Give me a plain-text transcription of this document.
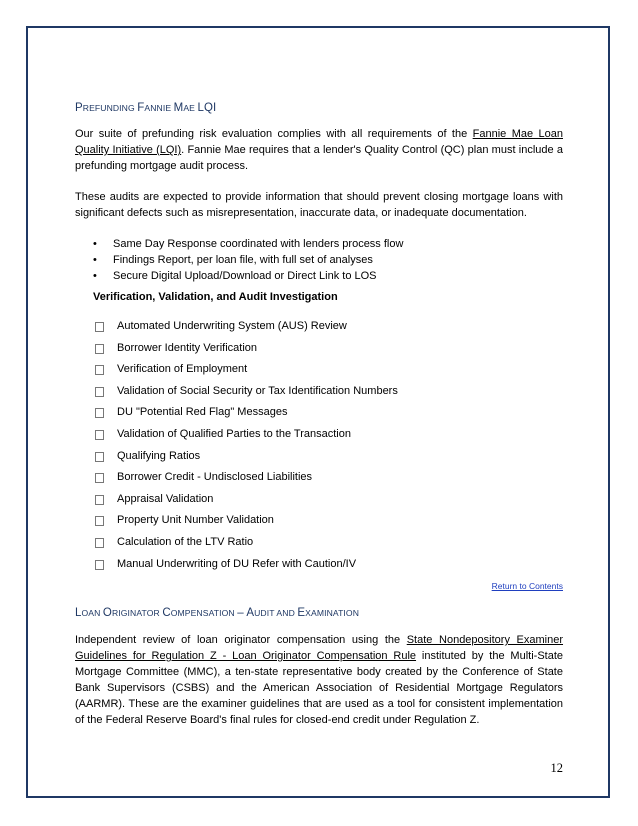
PREFUNDING FANNIE MAE LQI

Our suite of prefunding risk evaluation complies with all requirements of the Fannie Mae Loan Quality Initiative (LQI). Fannie Mae requires that a lender's Quality Control (QC) plan must include a prefunding mortgage audit process.

These audits are expected to provide information that should prevent closing mortgage loans with significant defects such as misrepresentation, inaccurate data, or inadequate documentation.

• Same Day Response coordinated with lenders process flow
• Findings Report, per loan file, with full set of analyses
• Secure Digital Upload/Download or Direct Link to LOS
Verification, Validation, and Audit Investigation
Automated Underwriting System (AUS) Review
Borrower Identity Verification
Verification of Employment
Validation of Social Security or Tax Identification Numbers
DU "Potential Red Flag" Messages
Validation of Qualified Parties to the Transaction
Qualifying Ratios
Borrower Credit - Undisclosed Liabilities
Appraisal Validation
Property Unit Number Validation
Calculation of the LTV Ratio
Manual Underwriting of DU Refer with Caution/IV
Return to Contents
LOAN ORIGINATOR COMPENSATION – AUDIT AND EXAMINATION

Independent review of loan originator compensation using the State Nondepository Examiner Guidelines for Regulation Z - Loan Originator Compensation Rule instituted by the Multi-State Mortgage Committee (MMC), a ten-state representative body created by the Conference of State Bank Supervisors (CSBS) and the American Association of Residential Mortgage Regulators (AARMR). These are the examiner guidelines that are used as a tool for consistent implementation of the Federal Reserve Board's final rules for closed-end credit under Regulation Z.

12
